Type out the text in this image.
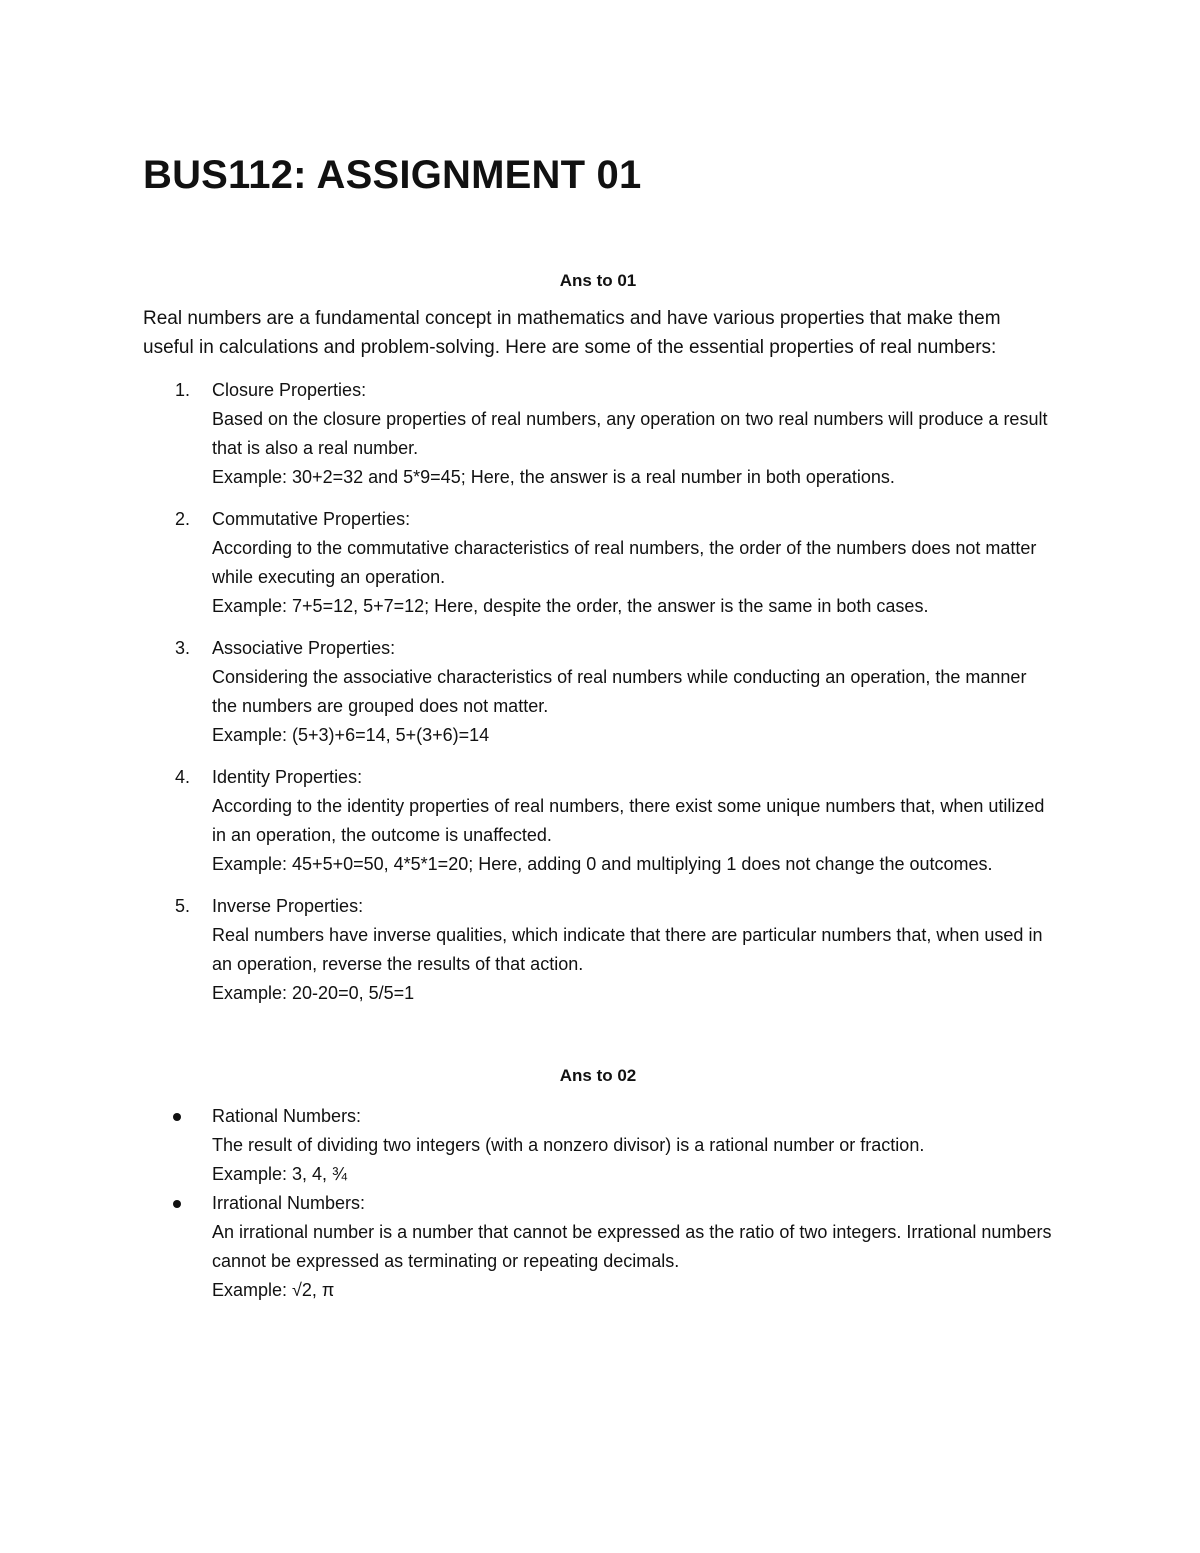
BUS112: ASSIGNMENT 01
Ans to 01

Real numbers are a fundamental concept in mathematics and have various properties that make them useful in calculations and problem-solving. Here are some of the essential properties of real numbers:

1. Closure Properties:
Based on the closure properties of real numbers, any operation on two real numbers will produce a result that is also a real number.
Example: 30+2=32 and 5*9=45; Here, the answer is a real number in both operations.
2. Commutative Properties:
According to the commutative characteristics of real numbers, the order of the numbers does not matter while executing an operation.
Example: 7+5=12, 5+7=12; Here, despite the order, the answer is the same in both cases.
3. Associative Properties:
Considering the associative characteristics of real numbers while conducting an operation, the manner the numbers are grouped does not matter.
Example: (5+3)+6=14, 5+(3+6)=14
4. Identity Properties:
According to the identity properties of real numbers, there exist some unique numbers that, when utilized in an operation, the outcome is unaffected.
Example: 45+5+0=50, 4*5*1=20; Here, adding 0 and multiplying 1 does not change the outcomes.
5. Inverse Properties:
Real numbers have inverse qualities, which indicate that there are particular numbers that, when used in an operation, reverse the results of that action.
Example: 20-20=0, 5/5=1
Ans to 02
Rational Numbers:
The result of dividing two integers (with a nonzero divisor) is a rational number or fraction.
Example: 3, 4, ¾
Irrational Numbers:
An irrational number is a number that cannot be expressed as the ratio of two integers. Irrational numbers cannot be expressed as terminating or repeating decimals.
Example: √2, π
